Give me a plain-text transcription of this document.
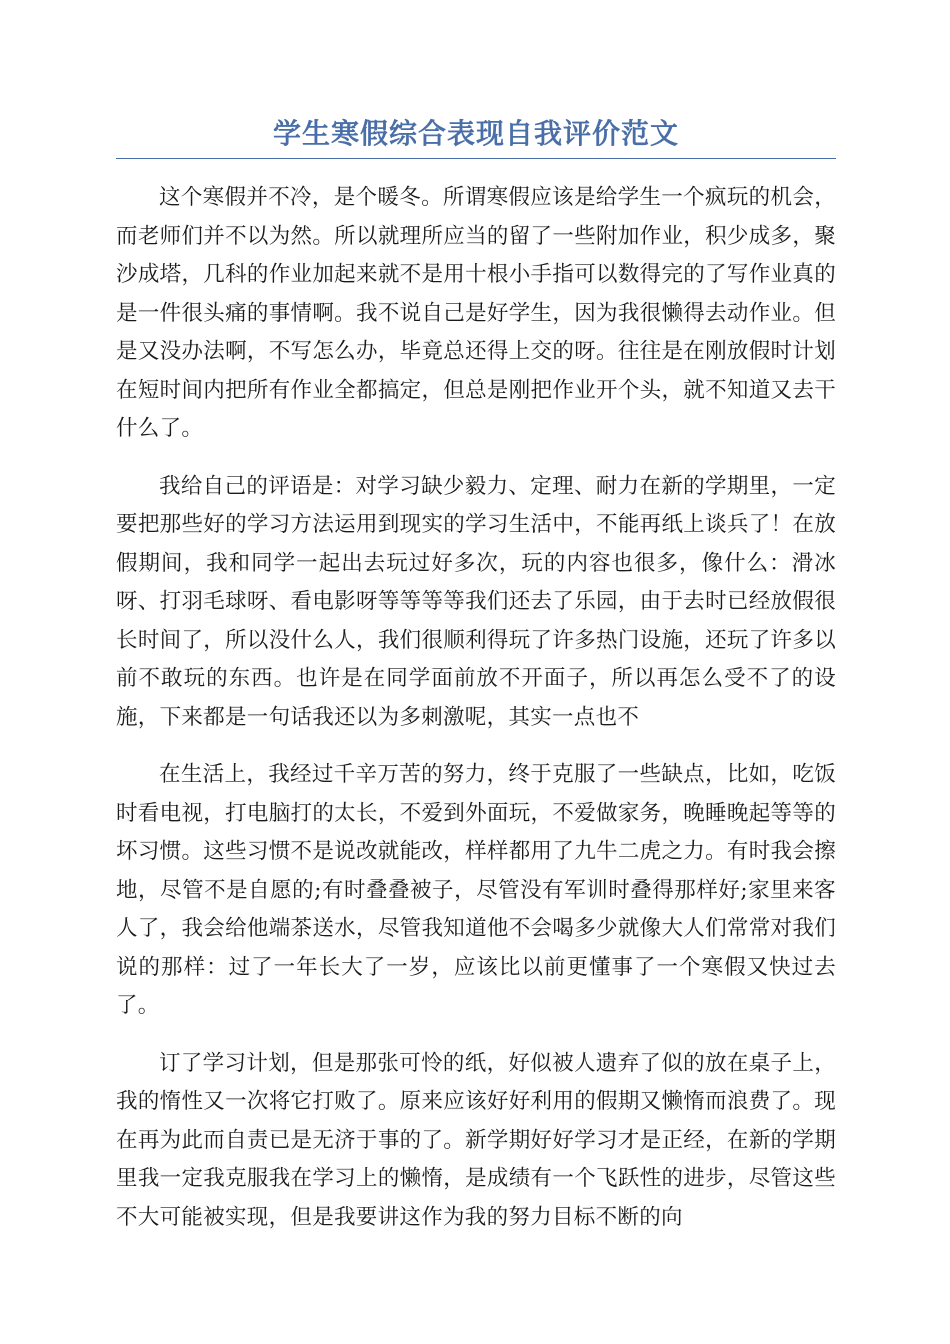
学生寒假综合表现自我评价范文

这个寒假并不冷，是个暖冬。所谓寒假应该是给学生一个疯玩的机会，而老师们并不以为然。所以就理所应当的留了一些附加作业，积少成多，聚沙成塔，几科的作业加起来就不是用十根小手指可以数得完的了写作业真的是一件很头痛的事情啊。我不说自己是好学生，因为我很懒得去动作业。但是又没办法啊，不写怎么办，毕竟总还得上交的呀。往往是在刚放假时计划在短时间内把所有作业全都搞定，但总是刚把作业开个头，就不知道又去干什么了。

我给自己的评语是：对学习缺少毅力、定理、耐力在新的学期里，一定要把那些好的学习方法运用到现实的学习生活中，不能再纸上谈兵了！在放假期间，我和同学一起出去玩过好多次，玩的内容也很多，像什么：滑冰呀、打羽毛球呀、看电影呀等等等等我们还去了乐园，由于去时已经放假很长时间了，所以没什么人，我们很顺利得玩了许多热门设施，还玩了许多以前不敢玩的东西。也许是在同学面前放不开面子，所以再怎么受不了的设施，下来都是一句话我还以为多刺激呢，其实一点也不

在生活上，我经过千辛万苦的努力，终于克服了一些缺点，比如，吃饭时看电视，打电脑打的太长，不爱到外面玩，不爱做家务，晚睡晚起等等的坏习惯。这些习惯不是说改就能改，样样都用了九牛二虎之力。有时我会擦地，尽管不是自愿的;有时叠叠被子，尽管没有军训时叠得那样好;家里来客人了，我会给他端茶送水，尽管我知道他不会喝多少就像大人们常常对我们说的那样：过了一年长大了一岁，应该比以前更懂事了一个寒假又快过去了。

订了学习计划，但是那张可怜的纸，好似被人遗弃了似的放在桌子上，我的惰性又一次将它打败了。原来应该好好利用的假期又懒惰而浪费了。现在再为此而自责已是无济于事的了。新学期好好学习才是正经，在新的学期里我一定我克服我在学习上的懒惰，是成绩有一个飞跃性的进步，尽管这些不大可能被实现，但是我要讲这作为我的努力目标不断的向
